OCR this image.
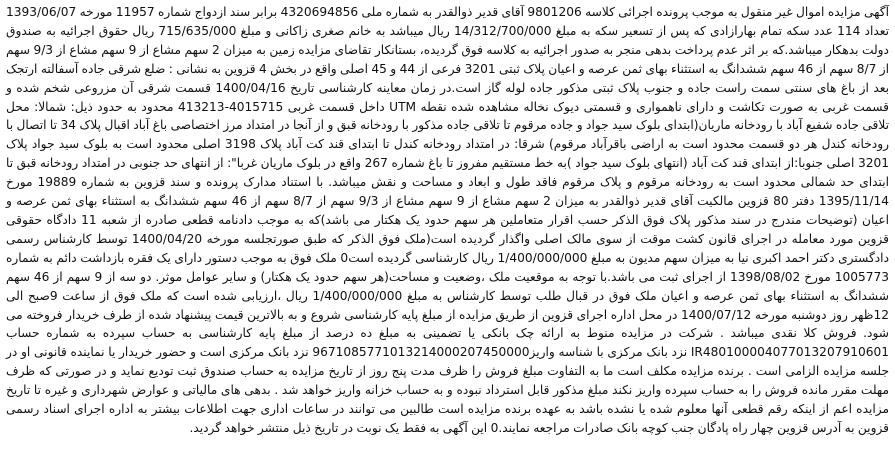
آگهی مزایده اموال غیر منقول به موجب پرونده اجرائی کلاسه 9801206 آقای قدیر ذوالقدر به شماره ملی 4320694856 برابر سند ازدواج شماره 11957 مورخه 1393/06/07 تعداد 114 عدد سکه تمام بهارازادی که پس از تسعیر سکه به مبلغ 14/312/700/000 ریال میباشد به خانم صغری زاکانی و مبلغ 715/635/000 ریال حقوق اجرائیه به صندوق دولت بدهکار میباشد.که بر اثر عدم پرداخت بدهی منجر به صدور اجرائیه به کلاسه فوق گردیده، بستانکار تقاضای مزایده زمین به میزان 2 سهم مشاع از 9 سهم مشاع از 9/3 سهم از 8/7 سهم از 46 سهم ششدانگ به استثناء بهای ثمن عرصه و اعیان پلاک ثبتی 3201 فرعی از 44 و 45 اصلی واقع در بخش 4 قزوین به نشانی : ضلع شرقی جاده آسفالته ارتجک بعد از باغ های سنتی سمت راست جاده و جنوب پلاک ثبتی مذکور جاده لوله گاز است.در زمان معاینه کارشناسی تاریخ 1400/04/16 قسمت شرقی آن مزروعی شخم شده و قسمت غربی به صورت تکاشت و دارای ناهمواری و قسمتی دیوک نخاله مشاهده شده نقطه UTM داخل قسمت غربی 4015715-413213 محدود به حدود ذیل: شمالا: محل تلاقی جاده شفیع آباد با رودخانه ماریان(ابتدای بلوک سید جواد و جاده مرقوم تا تلاقی جاده مذکور با رودخانه قبق و از آنجا در امتداد مرز اختصاصی باغ آباد اقبال پلاک 34 تا اتصال با رودخانه کندل هر دو قسمت محدود است به اراضی باقرآباد مرقوم) شرقا: در امتداد رودخانه کندل تا ابتدای قند کت آباد پلاک 3198 اصلی محدود است به بلوک سید جواد پلاک 3201 اصلی جنوبا:از ابتدای قند کت آباد (انتهای بلوک سید جواد )به خط مستقیم مفروز تا باغ شماره 267 واقع در بلوک ماریان غربا": از انتهای حد جنوبی در امتداد رودخانه قبق تا ابتدای حد شمالی محدود است به رودخانه مرقوم و پلاک مرقوم فاقد طول و ابعاد و مساحت و نقش میباشد. با استناد مدارک پرونده و سند قزوین به شماره 19889 مورخ 1395/11/14 دفتر 80 قزوین مالکیت آقای قدیر ذوالقدر به میزان 2 سهم مشاع از 9 سهم مشاع از 9/3 سهم از 8/7 سهم از 46 سهم ششدانگ به استثناء بهای ثمن عرصه و اعیان (توضیحات مندرج در سند مذکور پلاک فوق الذکر حسب اقرار متعاملین هر سهم حدود یک هکتار می باشد)که به موجب دادنامه قطعی صادره از شعبه 11 دادگاه حقوقی قزوین مورد معامله در اجرای قانون کشت موقت از سوی مالک اصلی واگذار گردیده است(ملک فوق الذکر که طبق صورتجلسه مورخه 1400/04/20 توسط کارشناس رسمی دادگستری دکتر احمد اکبری نیا به میزان سهم مدیون به مبلغ 1/400/000/000 ریال کارشناسی گردیده است0 ملک فوق به موجب دستور دارای یک فقره بازداشت دائم به شماره 1005773 مورخ 1398/08/02 از اجرای ثبت می باشد.با توجه به موقعیت ملک ،وضعیت و مساحت(هر سهم حدود یک هکتار) و سایر عوامل موثر. دو سه از 9 سهم از 46 سهم ششدانگ به استثناء بهای ثمن عرصه و اعیان ملک فوق در قبال طلب توسط کارشناس به مبلغ 1/400/000/000 ریال ،ارزیابی شده است که ملک فوق از ساعت 9صبح الی 12ظهر روز دوشنبه مورخه 1400/07/12 در محل اداره اجرای قزوین از طریق مزایده از مبلغ پایه کارشناسی شروع و به بالاترین قیمت پیشنهاد شده از طرف خریدار فروخته می شود. فروش کلا نقدی میباشد . شرکت در مزایده منوط به ارائه چک بانکی یا تضمینی به مبلغ ده درصد از مبلغ پایه کارشناسی به حساب سپرده به شماره حساب IR480100004077013207910601 نزد بانک مرکزی با شناسه واریز9671085771013214000207450000 نزد بانک مرکزی است و حضور خریدار یا نماینده قانونی او در جلسه مزایده الزامی است . برنده مزایده مکلف است ما به التفاوت مبلغ فروش را ظرف مدت پنج روز از تاریخ مزایده به حساب صندوق ثبت تودیع نماید و در صورتی که ظرف مهلت مقرر مانده فروش را به حساب سپرده واریز نکند مبلغ مذکور قابل استرداد نبوده و به حساب خزانه واریز خواهد شد . بدهی های مالیاتی و عوارض شهرداری و غیره تا تاریخ مزایده اعم از اینکه رقم قطعی آنها معلوم شده یا نشده باشد به عهده برنده مزایده است طالبین می توانند در ساعات اداری جهت اطلاعات بیشتر به اداره اجرای اسناد رسمی قزوین به آدرس قزوین چهار راه پادگان جنب کوچه بانک صادرات مراجعه نمایند.0 این آگهی به فقط یک نوبت در تاریخ ذیل منتشر خواهد گردید.
